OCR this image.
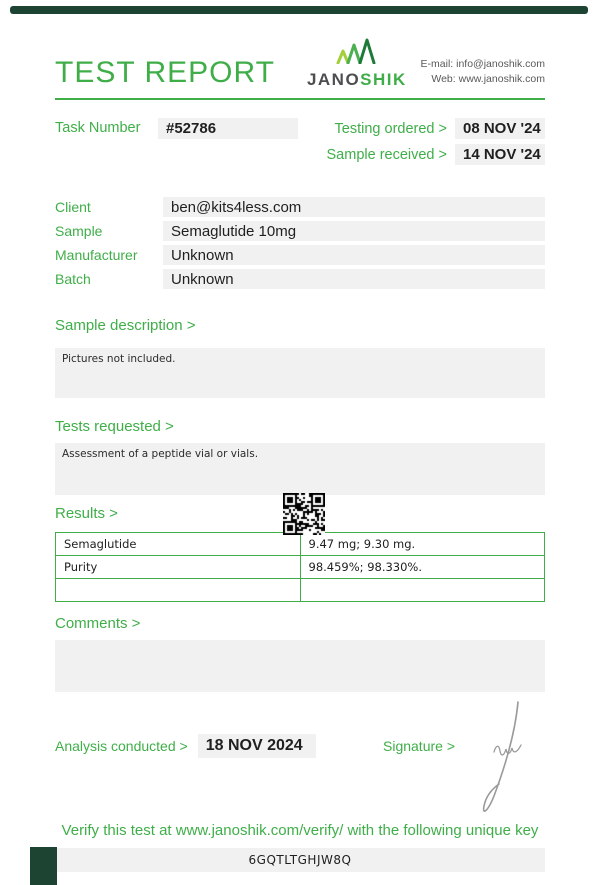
TEST REPORT JANOSHIK
E-mail: info@janoshik.com
Web: www.janoshik.com
Task Number	#52786	Testing ordered >	08 NOV '24
Sample received >	14 NOV '24
Client	ben@kits4less.com
Sample	Semaglutide 10mg
Manufacturer	Unknown
Batch	Unknown
Sample description >
Pictures not included.
Tests requested >
Assessment of a peptide vial or vials.
Results >
Semaglutide	9.47 mg; 9.30 mg.
Purity	98.459%; 98.330%.

Comments >
Analysis conducted >	18 NOV 2024	Signature >
Verify this test at www.janoshik.com/verify/ with the following unique key
6GQTLTGHJW8Q
